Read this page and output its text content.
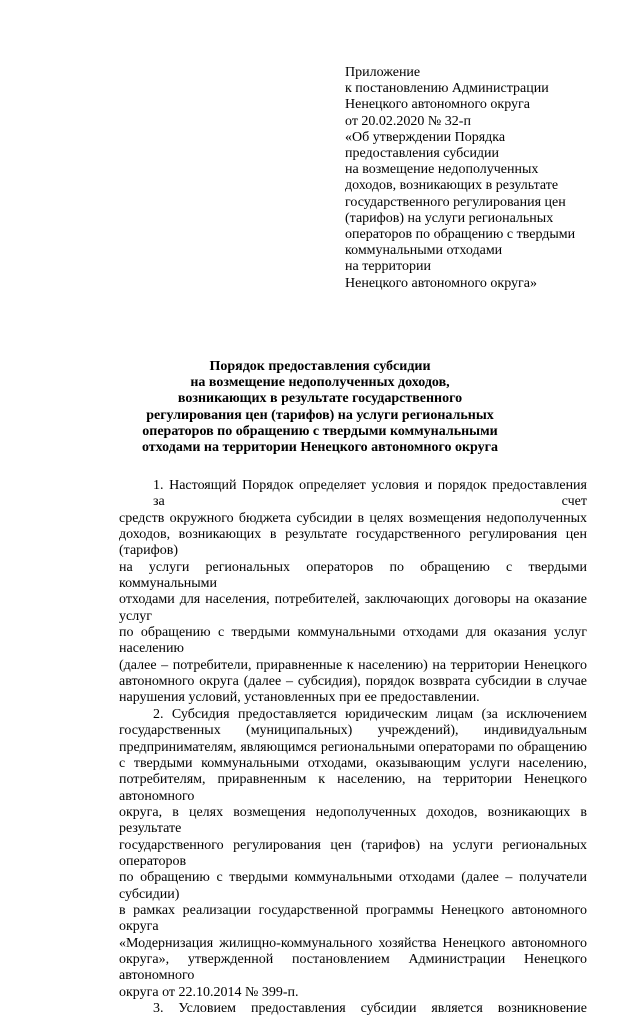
Приложение
к постановлению Администрации
Ненецкого автономного округа
от 20.02.2020 № 32-п
«Об утверждении Порядка
предоставления субсидии
на возмещение недополученных
доходов, возникающих в результате
государственного регулирования цен
(тарифов) на услуги региональных
операторов по обращению с твердыми
коммунальными отходами
на территории
Ненецкого автономного округа»
Порядок предоставления субсидии
на возмещение недополученных доходов,
возникающих в результате государственного
регулирования цен (тарифов) на услуги региональных
операторов по обращению с твердыми коммунальными
отходами на территории Ненецкого автономного округа
1. Настоящий Порядок определяет условия и порядок предоставления за счет
средств окружного бюджета субсидии в целях возмещения недополученных
доходов, возникающих в результате государственного регулирования цен (тарифов)
на услуги региональных операторов по обращению с твердыми коммунальными
отходами для населения, потребителей, заключающих договоры на оказание услуг
по обращению с твердыми коммунальными отходами для оказания услуг населению
(далее – потребители, приравненные к населению) на территории Ненецкого
автономного округа (далее – субсидия), порядок возврата субсидии в случае
нарушения условий, установленных при ее предоставлении.
2. Субсидия предоставляется юридическим лицам (за исключением
государственных (муниципальных) учреждений), индивидуальным
предпринимателям, являющимся региональными операторами по обращению
с твердыми коммунальными отходами, оказывающим услуги населению,
потребителям, приравненным к населению, на территории Ненецкого автономного
округа, в целях возмещения недополученных доходов, возникающих в результате
государственного регулирования цен (тарифов) на услуги региональных операторов
по обращению с твердыми коммунальными отходами (далее – получатели субсидии)
в рамках реализации государственной программы Ненецкого автономного округа
«Модернизация жилищно-коммунального хозяйства Ненецкого автономного
округа», утвержденной постановлением Администрации Ненецкого автономного
округа от 22.10.2014 № 399-п.
3. Условием предоставления субсидии является возникновение
